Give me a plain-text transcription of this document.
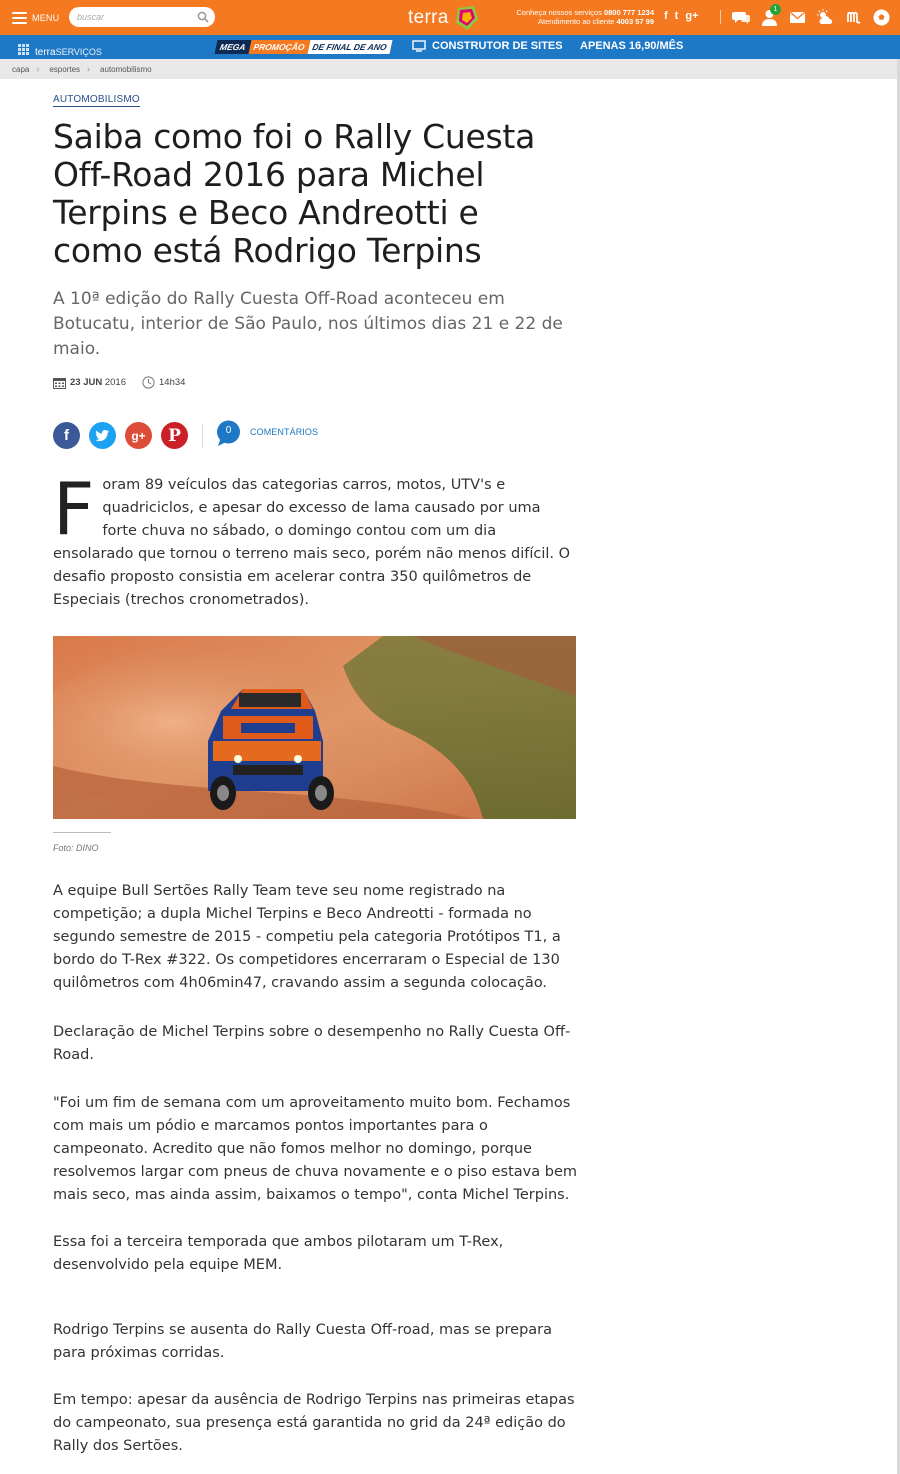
MENU
buscar	terra	Conheça nossos serviços 0800 777 1234
Atendimento ao cliente 4003 57 99 f t g+
1
terraSERVIÇOS	MEGA PROMOÇÃO DE FINAL DE ANO	CONSTRUTOR DE SITES APENAS 16,90/MÊS
capa › esportes › automobilismo
AUTOMOBILISMO
Saiba como foi o Rally Cuesta Off-Road 2016 para Michel Terpins e Beco Andreotti e como está Rodrigo Terpins

A 10ª edição do Rally Cuesta Off-Road aconteceu em Botucatu, interior de São Paulo, nos últimos dias 21 e 22 de maio.

23 JUN 2016	14h34
f	g+	P	0	COMENTÁRIOS
Foram 89 veículos das categorias carros, motos, UTV's e quadriciclos, e apesar do excesso de lama causado por uma forte chuva no sábado, o domingo contou com um dia ensolarado que tornou o terreno mais seco, porém não menos difícil. O desafio proposto consistia em acelerar contra 350 quilômetros de Especiais (trechos cronometrados).
Foto: DINO

A equipe Bull Sertões Rally Team teve seu nome registrado na competição; a dupla Michel Terpins e Beco Andreotti - formada no segundo semestre de 2015 - competiu pela categoria Protótipos T1, a bordo do T-Rex #322. Os competidores encerraram o Especial de 130 quilômetros com 4h06min47, cravando assim a segunda colocação.

Declaração de Michel Terpins sobre o desempenho no Rally Cuesta Off-Road.

"Foi um fim de semana com um aproveitamento muito bom. Fechamos com mais um pódio e marcamos pontos importantes para o campeonato. Acredito que não fomos melhor no domingo, porque resolvemos largar com pneus de chuva novamente e o piso estava bem mais seco, mas ainda assim, baixamos o tempo", conta Michel Terpins.

Essa foi a terceira temporada que ambos pilotaram um T-Rex, desenvolvido pela equipe MEM.

Rodrigo Terpins se ausenta do Rally Cuesta Off-road, mas se prepara para próximas corridas.

Em tempo: apesar da ausência de Rodrigo Terpins nas primeiras etapas do campeonato, sua presença está garantida no grid da 24ª edição do Rally dos Sertões.
